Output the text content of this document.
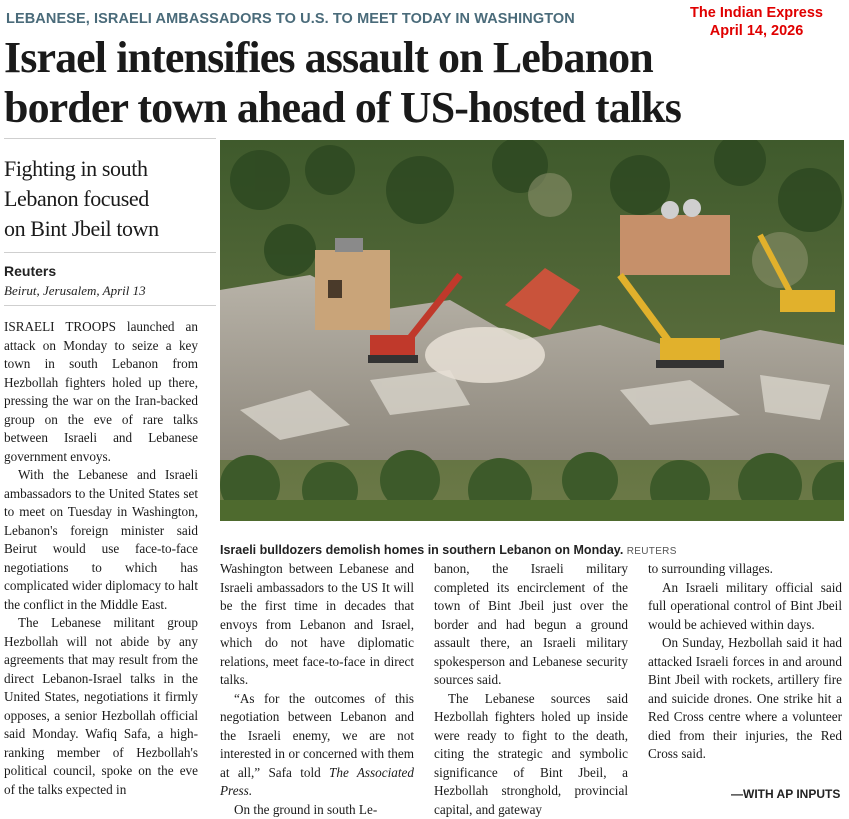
LEBANESE, ISRAELI AMBASSADORS TO U.S. TO MEET TODAY IN WASHINGTON	The Indian Express
April 14, 2026
Israel intensifies assault on Lebanon
border town ahead of US-hosted talks
Fighting in south
Lebanon focused
on Bint Jbeil town
Reuters
Beirut, Jerusalem, April 13
Israeli bulldozers demolish homes in southern Lebanon on Monday. REUTERS

ISRAELI TROOPS launched an attack on Monday to seize a key town in south Lebanon from Hezbollah fighters holed up there, pressing the war on the Iran-backed group on the eve of rare talks between Israeli and Lebanese government envoys.

With the Lebanese and Israeli ambassadors to the United States set to meet on Tuesday in Washington, Lebanon's foreign minister said Beirut would use face-to-face negotiations to which has complicated wider diplomacy to halt the conflict in the Middle East.

The Lebanese militant group Hezbollah will not abide by any agreements that may result from the direct Lebanon-Israel talks in the United States, negotiations it firmly opposes, a senior Hezbollah official said Monday. Wafiq Safa, a high-ranking member of Hezbollah's political council, spoke on the eve of the talks expected in

Washington between Lebanese and Israeli ambassadors to the US It will be the first time in decades that envoys from Lebanon and Israel, which do not have diplomatic relations, meet face-to-face in direct talks.

“As for the outcomes of this negotiation between Lebanon and the Israeli enemy, we are not interested in or concerned with them at all,” Safa told The Associated Press.

On the ground in south Le-

banon, the Israeli military completed its encirclement of the town of Bint Jbeil just over the border and had begun a ground assault there, an Israeli military spokesperson and Lebanese security sources said.

The Lebanese sources said Hezbollah fighters holed up inside were ready to fight to the death, citing the strategic and symbolic significance of Bint Jbeil, a Hezbollah stronghold, provincial capital, and gateway

to surrounding villages.

An Israeli military official said full operational control of Bint Jbeil would be achieved within days.

On Sunday, Hezbollah said it had attacked Israeli forces in and around Bint Jbeil with rockets, artillery fire and suicide drones. One strike hit a Red Cross centre where a volunteer died from their injuries, the Red Cross said.

—WITH AP INPUTS
